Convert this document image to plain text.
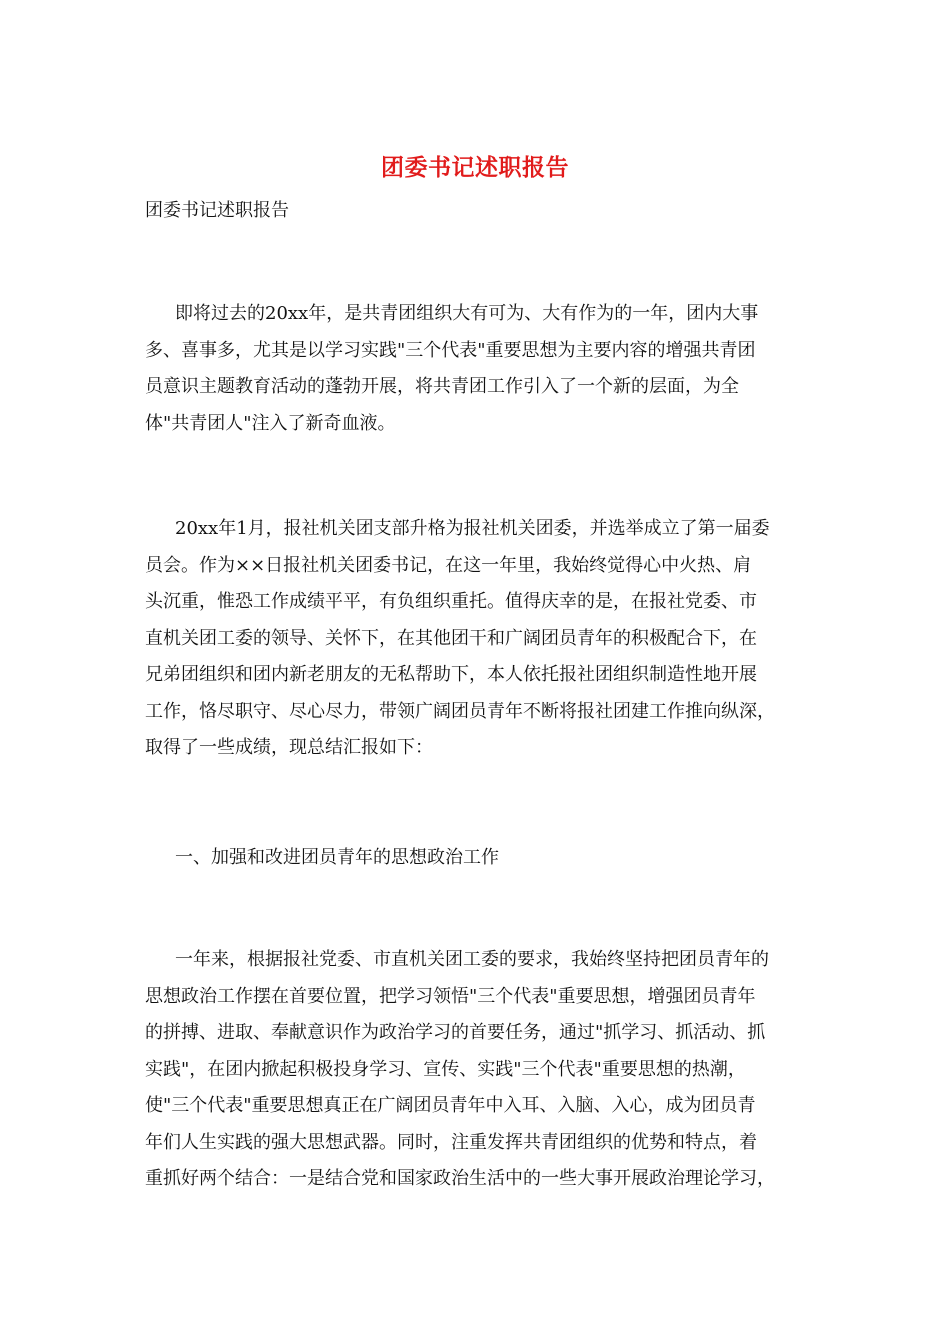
团委书记述职报告
团委书记述职报告
即将过去的20xx年，是共青团组织大有可为、大有作为的一年，团内大事
多、喜事多，尤其是以学习实践"三个代表"重要思想为主要内容的增强共青团
员意识主题教育活动的蓬勃开展，将共青团工作引入了一个新的层面，为全
体"共青团人"注入了新奇血液。
20xx年1月，报社机关团支部升格为报社机关团委，并选举成立了第一届委
员会。作为××日报社机关团委书记，在这一年里，我始终觉得心中火热、肩
头沉重，惟恐工作成绩平平，有负组织重托。值得庆幸的是，在报社党委、市
直机关团工委的领导、关怀下，在其他团干和广阔团员青年的积极配合下，在
兄弟团组织和团内新老朋友的无私帮助下，本人依托报社团组织制造性地开展
工作，恪尽职守、尽心尽力，带领广阔团员青年不断将报社团建工作推向纵深，
取得了一些成绩，现总结汇报如下：
一、加强和改进团员青年的思想政治工作
一年来，根据报社党委、市直机关团工委的要求，我始终坚持把团员青年的
思想政治工作摆在首要位置，把学习领悟"三个代表"重要思想，增强团员青年
的拼搏、进取、奉献意识作为政治学习的首要任务，通过"抓学习、抓活动、抓
实践"，在团内掀起积极投身学习、宣传、实践"三个代表"重要思想的热潮，
使"三个代表"重要思想真正在广阔团员青年中入耳、入脑、入心，成为团员青
年们人生实践的强大思想武器。同时，注重发挥共青团组织的优势和特点，着
重抓好两个结合：一是结合党和国家政治生活中的一些大事开展政治理论学习，
